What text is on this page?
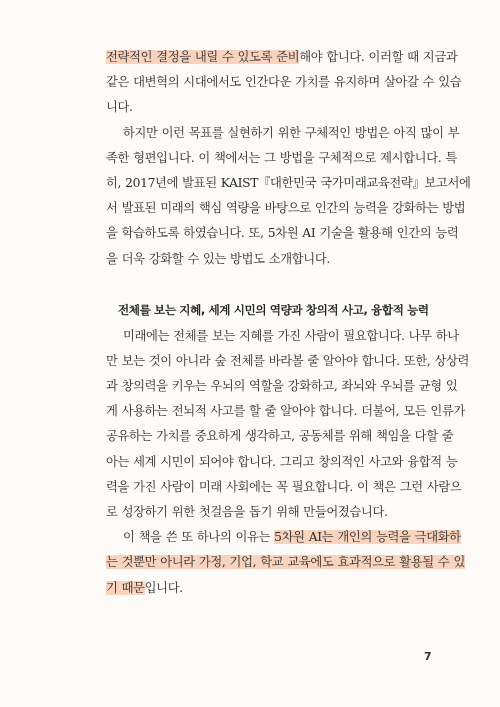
전략적인 결정을 내릴 수 있도록 준비해야 합니다. 이러할 때 지금과
같은 대변혁의 시대에서도 인간다운 가치를 유지하며 살아갈 수 있습
니다.
하지만 이런 목표를 실현하기 위한 구체적인 방법은 아직 많이 부
족한 형편입니다. 이 책에서는 그 방법을 구체적으로 제시합니다. 특
히, 2017년에 발표된 KAIST『대한민국 국가미래교육전략』보고서에
서 발표된 미래의 핵심 역량을 바탕으로 인간의 능력을 강화하는 방법
을 학습하도록 하였습니다. 또, 5차원 AI 기술을 활용해 인간의 능력
을 더욱 강화할 수 있는 방법도 소개합니다.
전체를 보는 지혜, 세계 시민의 역량과 창의적 사고, 융합적 능력
미래에는 전체를 보는 지혜를 가진 사람이 필요합니다. 나무 하나
만 보는 것이 아니라 숲 전체를 바라볼 줄 알아야 합니다. 또한, 상상력
과 창의력을 키우는 우뇌의 역할을 강화하고, 좌뇌와 우뇌를 균형 있
게 사용하는 전뇌적 사고를 할 줄 알아야 합니다. 더불어, 모든 인류가
공유하는 가치를 중요하게 생각하고, 공동체를 위해 책임을 다할 줄
아는 세계 시민이 되어야 합니다. 그리고 창의적인 사고와 융합적 능
력을 가진 사람이 미래 사회에는 꼭 필요합니다. 이 책은 그런 사람으
로 성장하기 위한 첫걸음을 돕기 위해 만들어졌습니다.
이 책을 쓴 또 하나의 이유는 5차원 AI는 개인의 능력을 극대화하
는 것뿐만 아니라 가정, 기업, 학교 교육에도 효과적으로 활용될 수 있
기 때문입니다.
7
